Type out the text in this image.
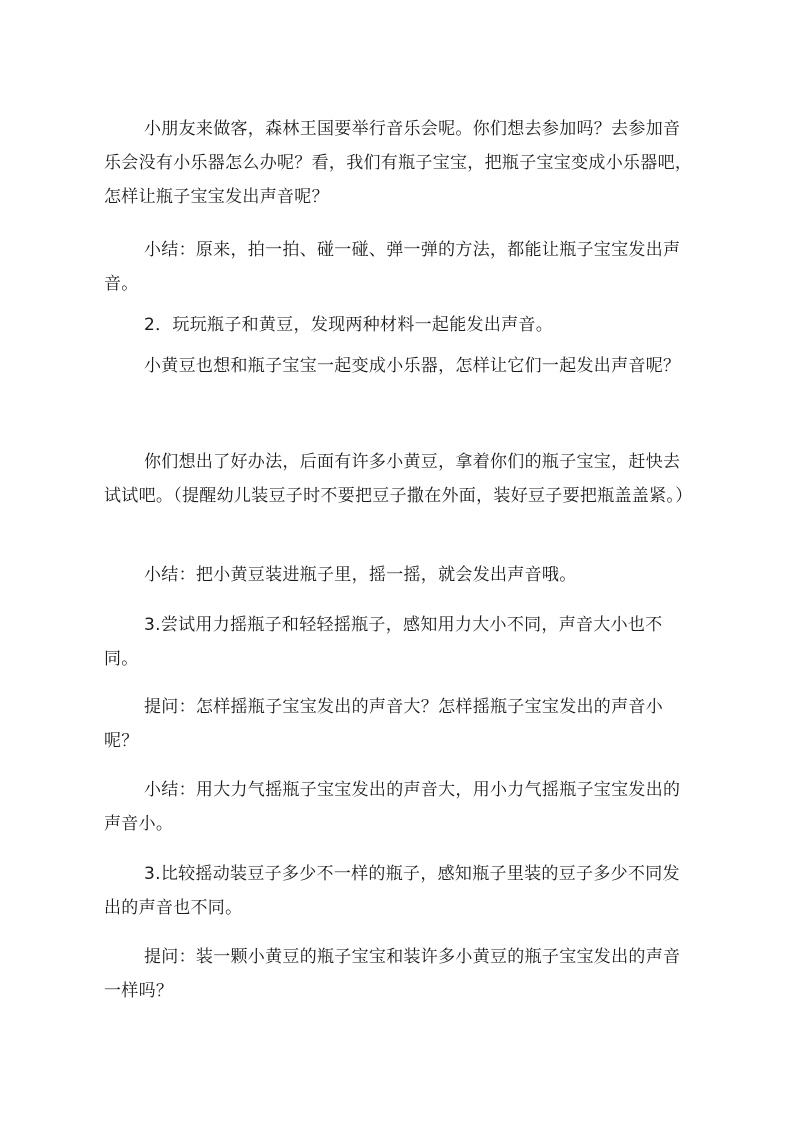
小朋友来做客，森林王国要举行音乐会呢。你们想去参加吗？去参加音乐会没有小乐器怎么办呢？看，我们有瓶子宝宝，把瓶子宝宝变成小乐器吧，怎样让瓶子宝宝发出声音呢？

小结：原来，拍一拍、碰一碰、弹一弹的方法，都能让瓶子宝宝发出声音。

2．玩玩瓶子和黄豆，发现两种材料一起能发出声音。

小黄豆也想和瓶子宝宝一起变成小乐器，怎样让它们一起发出声音呢？

你们想出了好办法，后面有许多小黄豆，拿着你们的瓶子宝宝，赶快去试试吧。（提醒幼儿装豆子时不要把豆子撒在外面，装好豆子要把瓶盖盖紧。）

小结：把小黄豆装进瓶子里，摇一摇，就会发出声音哦。

3.尝试用力摇瓶子和轻轻摇瓶子，感知用力大小不同，声音大小也不同。

提问：怎样摇瓶子宝宝发出的声音大？怎样摇瓶子宝宝发出的声音小呢？

小结：用大力气摇瓶子宝宝发出的声音大，用小力气摇瓶子宝宝发出的声音小。

3.比较摇动装豆子多少不一样的瓶子，感知瓶子里装的豆子多少不同发出的声音也不同。

提问：装一颗小黄豆的瓶子宝宝和装许多小黄豆的瓶子宝宝发出的声音一样吗？
